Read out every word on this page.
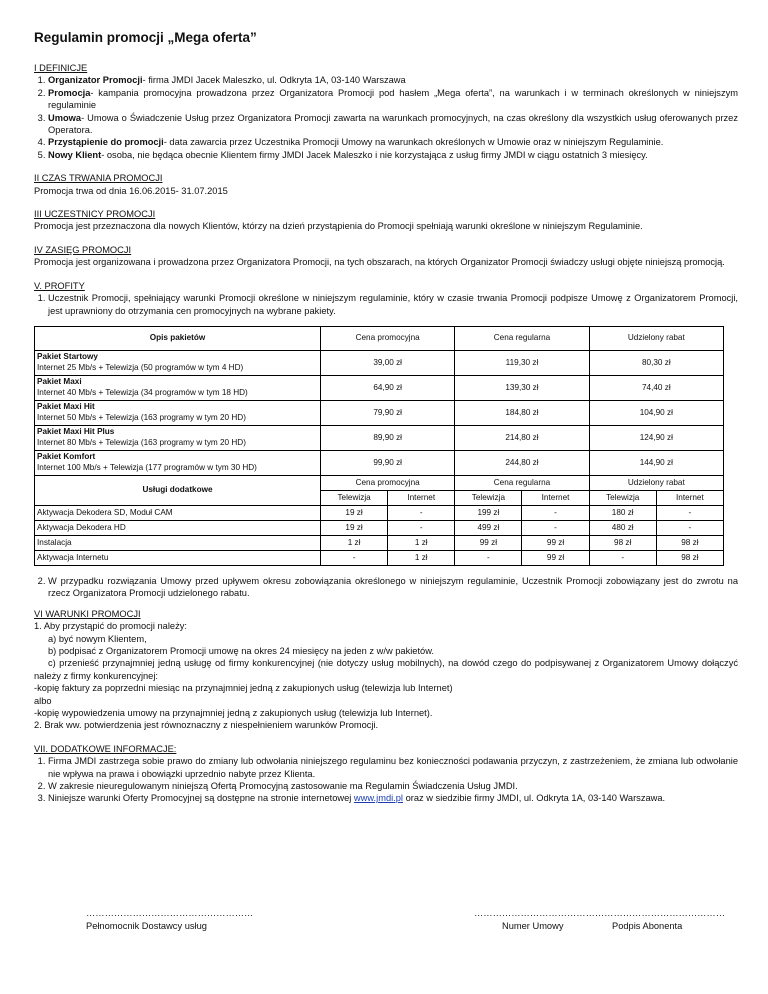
Regulamin promocji „Mega oferta”

I DEFINICJE

1. Organizator Promocji- firma JMDI Jacek Maleszko, ul. Odkryta 1A, 03-140 Warszawa
2. Promocja- kampania promocyjna prowadzona przez Organizatora Promocji pod hasłem „Mega oferta”, na warunkach i w terminach określonych w niniejszym regulaminie
3. Umowa- Umowa o Świadczenie Usług przez Organizatora Promocji zawarta na warunkach promocyjnych, na czas określony dla wszystkich usług oferowanych przez Operatora.
4. Przystąpienie do promocji- data zawarcia przez Uczestnika Promocji Umowy na warunkach określonych w Umowie oraz w niniejszym Regulaminie.
5. Nowy Klient- osoba, nie będąca obecnie Klientem firmy JMDI Jacek Maleszko i nie korzystająca z usług firmy JMDI w ciągu ostatnich 3 miesięcy.

II CZAS TRWANIA PROMOCJI

Promocja trwa od dnia 16.06.2015- 31.07.2015

III UCZESTNICY PROMOCJI

Promocja jest przeznaczona dla nowych Klientów, którzy na dzień przystąpienia do Promocji spełniają warunki określone w niniejszym Regulaminie.

IV ZASIĘG PROMOCJI

Promocja jest organizowana i prowadzona przez Organizatora Promocji, na tych obszarach, na których Organizator Promocji świadczy usługi objęte niniejszą promocją.

V. PROFITY

1. Uczestnik Promocji, spełniający warunki Promocji określone w niniejszym regulaminie, który w czasie trwania Promocji podpisze Umowę z Organizatorem Promocji, jest uprawniony do otrzymania cen promocyjnych na wybrane pakiety.
Opis pakietów	Cena promocyjna		Cena regularna		Udzielony rabat	

Pakiet Startowy
Internet 25 Mb/s + Telewizja (50 programów w tym 4 HD)	39,00 zł		119,30 zł		80,30 zł	

Pakiet Maxi
Internet 40 Mb/s + Telewizja (34 programów w tym 18 HD)	64,90 zł		139,30 zł		74,40 zł	

Pakiet Maxi Hit
Internet 50 Mb/s + Telewizja (163 programy w tym 20 HD)	79,90 zł		184,80 zł		104,90 zł	

Pakiet Maxi Hit Plus
Internet 80 Mb/s + Telewizja (163 programy w tym 20 HD)	89,90 zł		214,80 zł		124,90 zł	

Pakiet Komfort
Internet 100 Mb/s + Telewizja (177 programów w tym 30 HD)	99,90 zł		244,80 zł		144,90 zł	
Usługi dodatkowe	Cena promocyjna		Cena regularna		Udzielony rabat	
	Telewizja	Internet	Telewizja	Internet	Telewizja	Internet
Aktywacja Dekodera SD, Moduł CAM	19 zł	-	199 zł	-	180 zł	-
Aktywacja Dekodera HD	19 zł	-	499 zł	-	480 zł	-
Instalacja	1 zł	1 zł	99 zł	99 zł	98 zł	98 zł
Aktywacja Internetu	-	1 zł	-	99 zł	-	98 zł
2. W przypadku rozwiązania Umowy przed upływem okresu zobowiązania określonego w niniejszym regulaminie, Uczestnik Promocji zobowiązany jest do zwrotu na rzecz Organizatora Promocji udzielonego rabatu.

VI WARUNKI PROMOCJI

1. Aby przystąpić do promocji należy:

a) być nowym Klientem,

b) podpisać z Organizatorem Promocji umowę na okres 24 miesięcy na jeden z w/w pakietów.

c) przenieść przynajmniej jedną usługę od firmy konkurencyjnej (nie dotyczy usług mobilnych), na dowód czego do podpisywanej z Organizatorem Umowy dołączyć należy z firmy konkurencyjnej:

-kopię faktury za poprzedni miesiąc na przynajmniej jedną z zakupionych usług (telewizja lub Internet)

albo

-kopię wypowiedzenia umowy na przynajmniej jedną z zakupionych usług (telewizja lub Internet).

2. Brak ww. potwierdzenia jest równoznaczny z niespełnieniem warunków Promocji.

VII. DODATKOWE INFORMACJE:

1. Firma JMDI zastrzega sobie prawo do zmiany lub odwołania niniejszego regulaminu bez konieczności podawania przyczyn, z zastrzeżeniem, że zmiana lub odwołanie nie wpływa na prawa i obowiązki uprzednio nabyte przez Klienta.
2. W zakresie nieuregulowanym niniejszą Ofertą Promocyjną zastosowanie ma Regulamin Świadczenia Usług JMDI.
3. Niniejsze warunki Oferty Promocyjnej są dostępne na stronie internetowej www.jmdi.pl oraz w siedzibie firmy JMDI, ul. Odkryta 1A, 03-140 Warszawa.
………………………………………………
Pełnomocnik Dostawcy usług
………………………………………………………………………
Numer Umowy	Podpis Abonenta
